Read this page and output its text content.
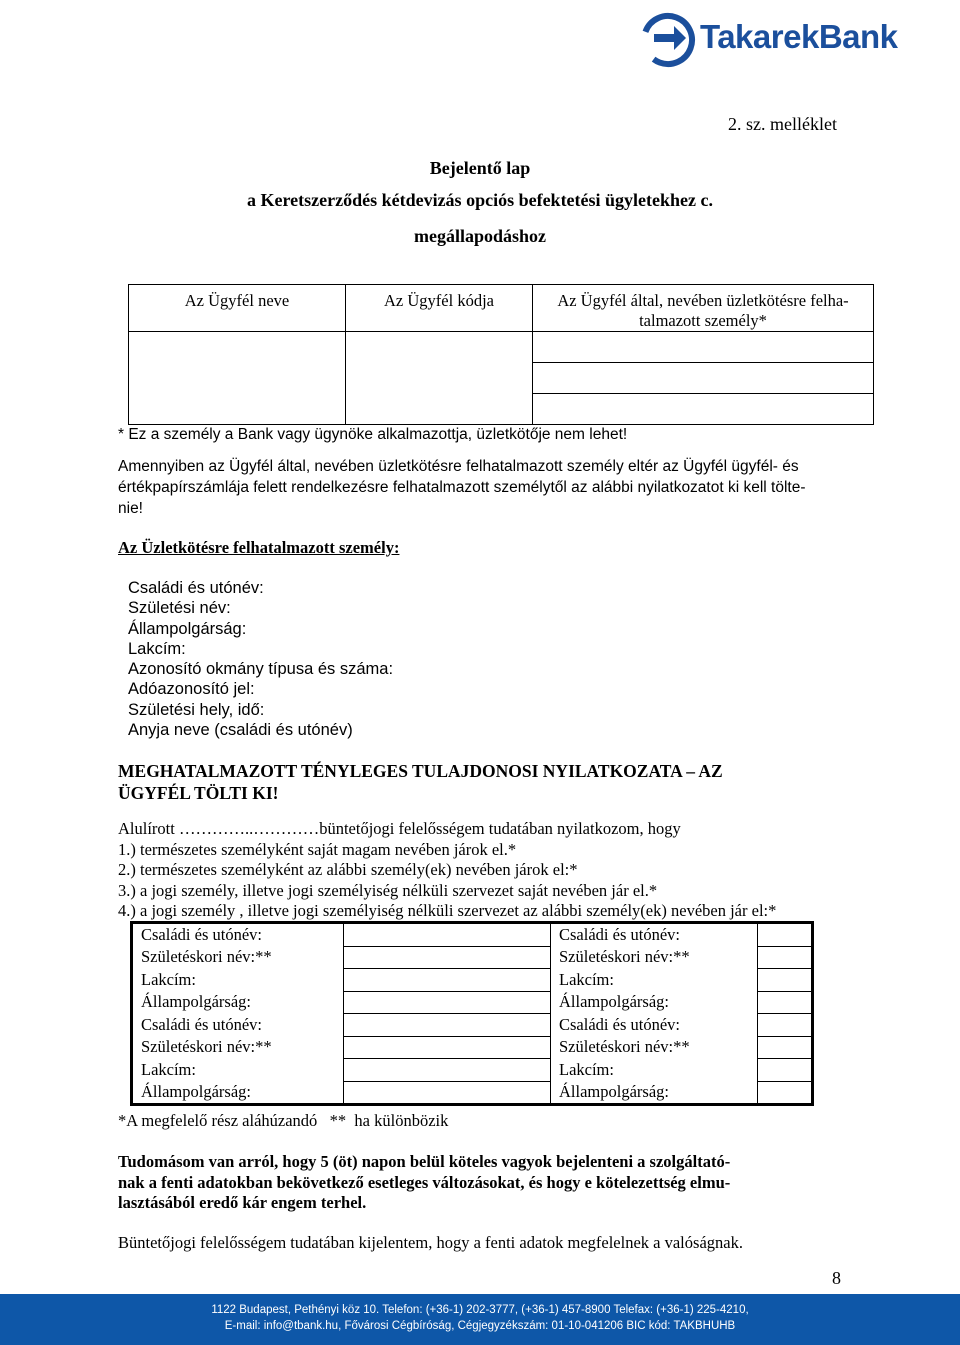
TakarekBank
2. sz. melléklet
Bejelentő lap
a Keretszerződés kétdevizás opciós befektetési ügyletekhez c.
megállapodáshoz
Az Ügyfél neve	Az Ügyfél kódja	Az Ügyfél által, nevében üzletkötésre felha-
talmazott személy*

* Ez a személy a Bank vagy ügynöke alkalmazottja, üzletkötője nem lehet!
Amennyiben az Ügyfél által, nevében üzletkötésre felhatalmazott személy eltér az Ügyfél ügyfél- és
értékpapírszámlája felett rendelkezésre felhatalmazott személytől az alábbi nyilatkozatot ki kell tölte-
nie!
Az Üzletkötésre felhatalmazott személy:
Családi és utónév:
Születési név:
Állampolgárság:
Lakcím:
Azonosító okmány típusa és száma:
Adóazonosító jel:
Születési hely, idő:
Anyja neve (családi és utónév)
MEGHATALMAZOTT TÉNYLEGES TULAJDONOSI NYILATKOZATA – AZ
ÜGYFÉL TÖLTI KI!
Alulírott …………..…………büntetőjogi felelősségem tudatában nyilatkozom, hogy
1.) természetes személyként saját magam nevében járok el.*
2.) természetes személyként az alábbi személy(ek) nevében járok el:*
3.) a jogi személy, illetve jogi személyiség nélküli szervezet saját nevében jár el.*
4.) a jogi személy , illetve jogi személyiség nélküli szervezet az alábbi személy(ek) nevében jár el:*
Családi és utónév:		Családi és utónév:	
Születéskori név:**		Születéskori név:**	
Lakcím:		Lakcím:	
Állampolgárság:		Állampolgárság:	
Családi és utónév:		Családi és utónév:	
Születéskori név:**		Születéskori név:**	
Lakcím:		Lakcím:	
Állampolgárság:		Állampolgárság:	
*A megfelelő rész aláhúzandó   **  ha különbözik
Tudomásom van arról, hogy 5 (öt) napon belül köteles vagyok bejelenteni a szolgáltató-
nak a fenti adatokban bekövetkező esetleges változásokat, és hogy e kötelezettség elmu-
lasztásából eredő kár engem terhel.
Büntetőjogi felelősségem tudatában kijelentem, hogy a fenti adatok megfelelnek a valóságnak.
8
1122 Budapest, Pethényi köz 10. Telefon: (+36-1) 202-3777, (+36-1) 457-8900 Telefax: (+36-1) 225-4210,
E-mail: info@tbank.hu, Fővárosi Cégbíróság, Cégjegyzékszám: 01-10-041206 BIC kód: TAKBHUHB
